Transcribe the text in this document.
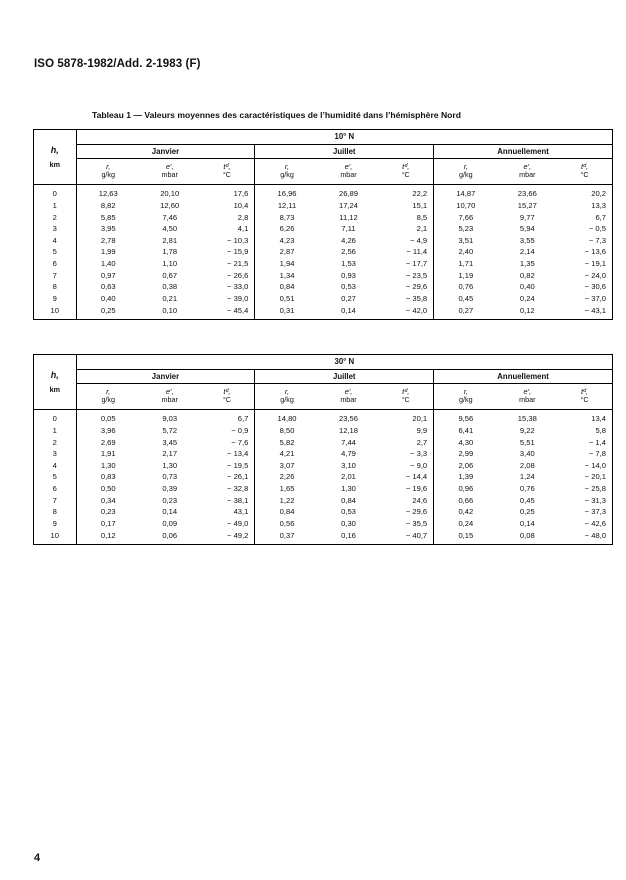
ISO 5878-1982/Add. 2-1983 (F)
Tableau 1 — Valeurs moyennes des caractéristiques de l’humidité dans l’hémisphère Nord
h,
km	10° N								
	Janvier			Juillet			Annuellement		
	r,	e′,	tᵈ,	r,	e′,	tᵈ,	r,	e′,	tᵈ,
	g/kg	mbar	°C	g/kg	mbar	°C	g/kg	mbar	°C
0	12,63	20,10	17,6	16,96	26,89	22,2	14,87	23,66	20,2
1	8,82	12,60	10,4	12,11	17,24	15,1	10,70	15,27	13,3
2	5,85	7,46	2,8	8,73	11,12	8,5	7,66	9,77	6,7
3	3,95	4,50	4,1	6,26	7,11	2,1	5,23	5,94	− 0,5
4	2,78	2,81	− 10,3	4,23	4,26	− 4,9	3,51	3,55	− 7,3
5	1,99	1,78	− 15,9	2,87	2,56	− 11,4	2,40	2,14	− 13,6
6	1,40	1,10	− 21,5	1,94	1,53	− 17,7	1,71	1,35	− 19,1
7	0,97	0,67	− 26,6	1,34	0,93	− 23,5	1,19	0,82	− 24,0
8	0,63	0,38	− 33,0	0,84	0,53	− 29,6	0,76	0,40	− 30,6
9	0,40	0,21	− 39,0	0,51	0,27	− 35,8	0,45	0,24	− 37,0
10	0,25	0,10	− 45,4	0,31	0,14	− 42,0	0,27	0,12	− 43,1
h,
km	30° N								
	Janvier			Juillet			Annuellement		
	r,	e′,	tᵈ,	r,	e′,	tᵈ,	r,	e′,	tᵈ,
	g/kg	mbar	°C	g/kg	mbar	°C	g/kg	mbar	°C
0	0,05	9,03	6,7	14,80	23,56	20,1	9,56	15,38	13,4
1	3,96	5,72	− 0,9	8,50	12,18	9,9	6,41	9,22	5,8
2	2,69	3,45	− 7,6	5,82	7,44	2,7	4,30	5,51	− 1,4
3	1,91	2,17	− 13,4	4,21	4,79	− 3,3	2,99	3,40	− 7,8
4	1,30	1,30	− 19,5	3,07	3,10	− 9,0	2,06	2,08	− 14,0
5	0,83	0,73	− 26,1	2,26	2,01	− 14,4	1,39	1,24	− 20,1
6	0,50	0,39	− 32,8	1,65	1,30	− 19,6	0,96	0,76	− 25,8
7	0,34	0,23	− 38,1	1,22	0,84	24,6	0,66	0,45	− 31,3
8	0,23	0,14	43,1	0,84	0,53	− 29,6	0,42	0,25	− 37,3
9	0,17	0,09	− 49,0	0,56	0,30	− 35,5	0,24	0,14	− 42,6
10	0,12	0,06	− 49,2	0,37	0,16	− 40,7	0,15	0,08	− 48,0
4
